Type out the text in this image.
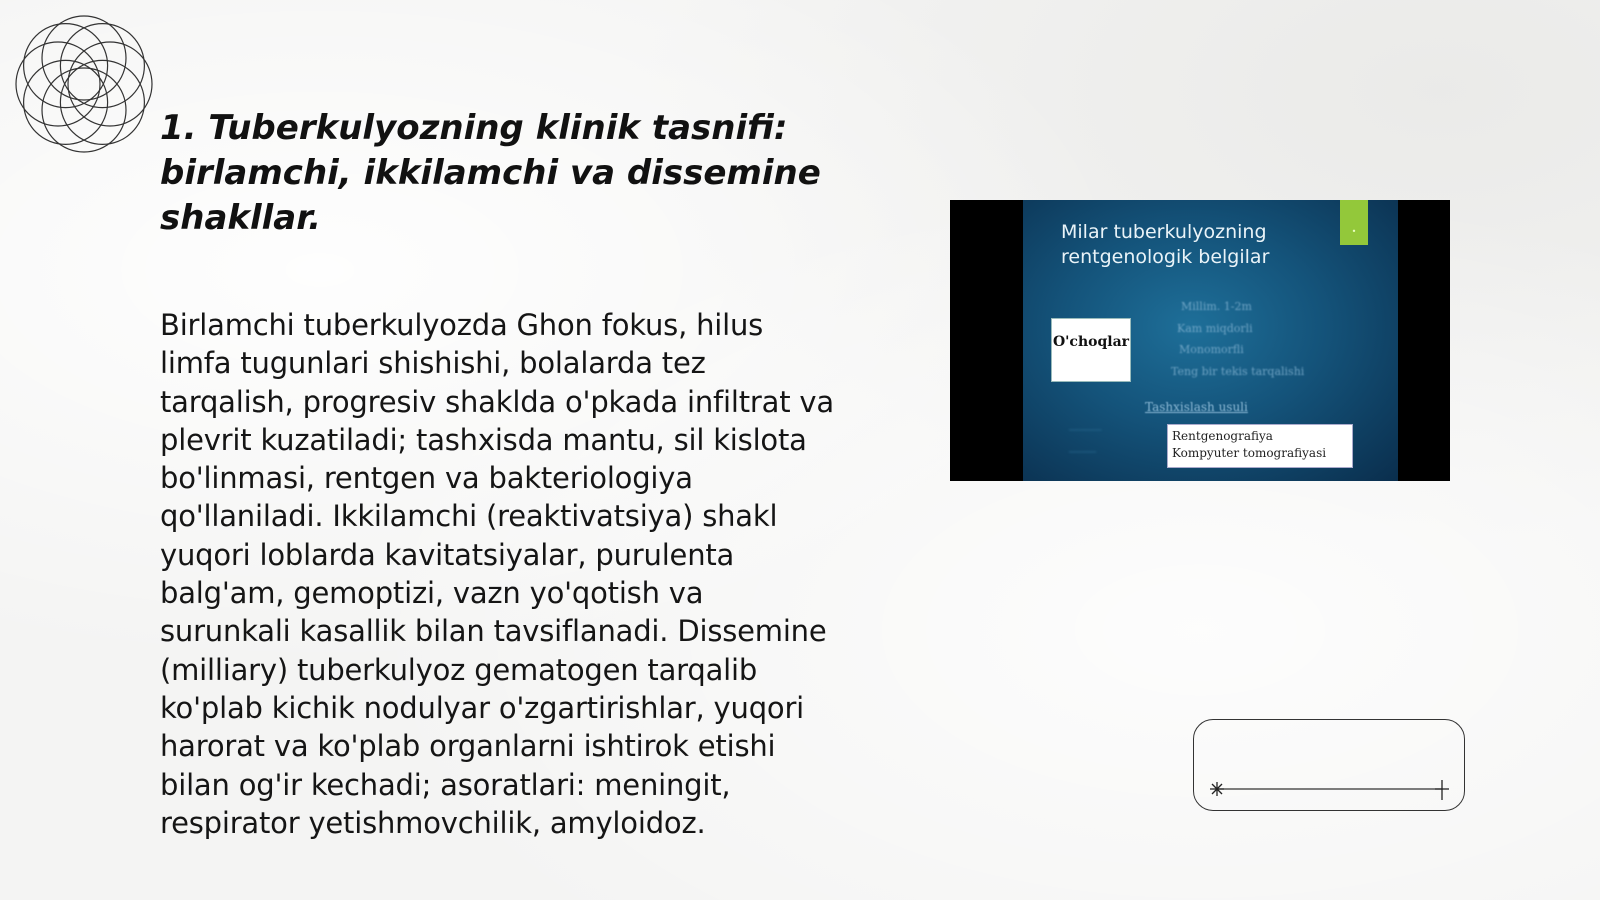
1. Tuberkulyozning klinik tasnifi: birlamchi, ikkilamchi va dissemine shakllar.

Birlamchi tuberkulyozda Ghon fokus, hilus limfa tugunlari shishishi, bolalarda tez tarqalish, progresiv shaklda o'pkada infiltrat va plevrit kuzatiladi; tashxisda mantu, sil kislota bo'linmasi, rentgen va bakteriologiya qo'llaniladi. Ikkilamchi (reaktivatsiya) shakl yuqori loblarda kavitatsiyalar, purulenta balg'am, gemoptizi, vazn yo'qotish va surunkali kasallik bilan tavsiflanadi. Dissemine (milliary) tuberkulyoz gematogen tarqalib ko'plab kichik nodulyar o'zgartirishlar, yuqori harorat va ko'plab organlarni ishtirok etishi bilan og'ir kechadi; asoratlari: meningit, respirator yetishmovchilik, amyloidoz.

Milar tuberkulyozning rentgenologik belgilar
•
O'choqlar
Millim. 1-2m
Kam miqdorli
Monomorfli
Teng bir tekis tarqalishi
Tashxislash usuli
──────
─────
Rentgenografiya
Kompyuter tomografiyasi
